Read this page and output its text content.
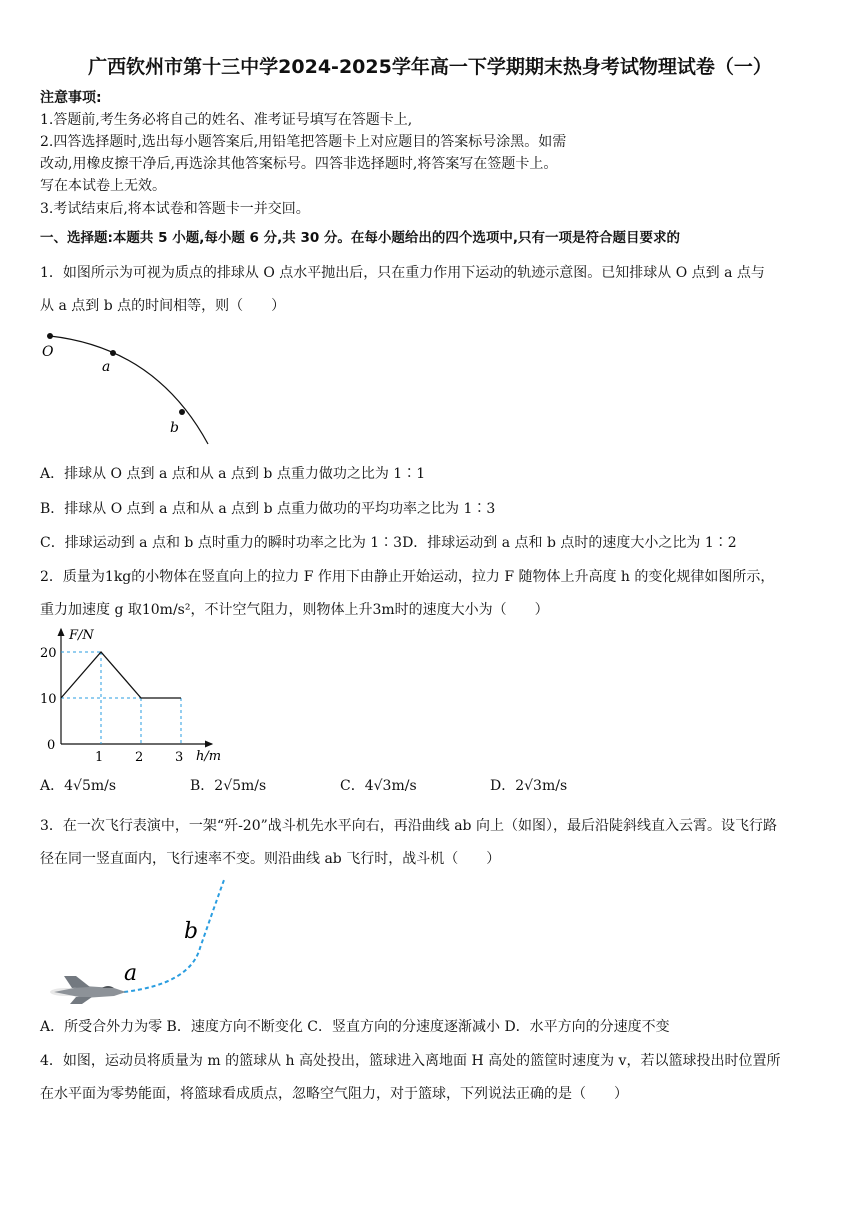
广西钦州市第十三中学2024-2025学年高一下学期期末热身考试物理试卷（一）
注意事项:
1.答题前,考生务必将自己的姓名、准考证号填写在答题卡上,
2.四答选择题时,选出每小题答案后,用铅笔把答题卡上对应题目的答案标号涂黑。如需
改动,用橡皮擦干净后,再选涂其他答案标号。四答非选择题时,将答案写在签题卡上。
写在本试卷上无效。
3.考试结束后,将本试卷和答题卡一并交回。
一、选择题:本题共 5 小题,每小题 6 分,共 30 分。在每小题给出的四个选项中,只有一项是符合题目要求的
1．如图所示为可视为质点的排球从 O 点水平抛出后，只在重力作用下运动的轨迹示意图。已知排球从 O 点到 a 点与
从 a 点到 b 点的时间相等，则（　　）
O
a
b
A．排球从 O 点到 a 点和从 a 点到 b 点重力做功之比为 1∶1
B．排球从 O 点到 a 点和从 a 点到 b 点重力做功的平均功率之比为 1∶3
C．排球运动到 a 点和 b 点时重力的瞬时功率之比为 1∶3D．排球运动到 a 点和 b 点时的速度大小之比为 1∶2
2．质量为1kg的小物体在竖直向上的拉力 F 作用下由静止开始运动，拉力 F 随物体上升高度 h 的变化规律如图所示，
重力加速度 g 取10m/s²，不计空气阻力，则物体上升3m时的速度大小为（　　）
F/N
h/m
20
10
0
1 2 3
A．4√5m/s	B．2√5m/s	C．4√3m/s	D．2√3m/s
3．在一次飞行表演中，一架“歼-20”战斗机先水平向右，再沿曲线 ab 向上（如图），最后沿陡斜线直入云霄。设飞行路
径在同一竖直面内，飞行速率不变。则沿曲线 ab 飞行时，战斗机（　　）
a
b
A．所受合外力为零 B．速度方向不断变化 C．竖直方向的分速度逐渐减小 D．水平方向的分速度不变
4．如图，运动员将质量为 m 的篮球从 h 高处投出，篮球进入离地面 H 高处的篮筐时速度为 v，若以篮球投出时位置所
在水平面为零势能面，将篮球看成质点，忽略空气阻力，对于篮球，下列说法正确的是（　　）
